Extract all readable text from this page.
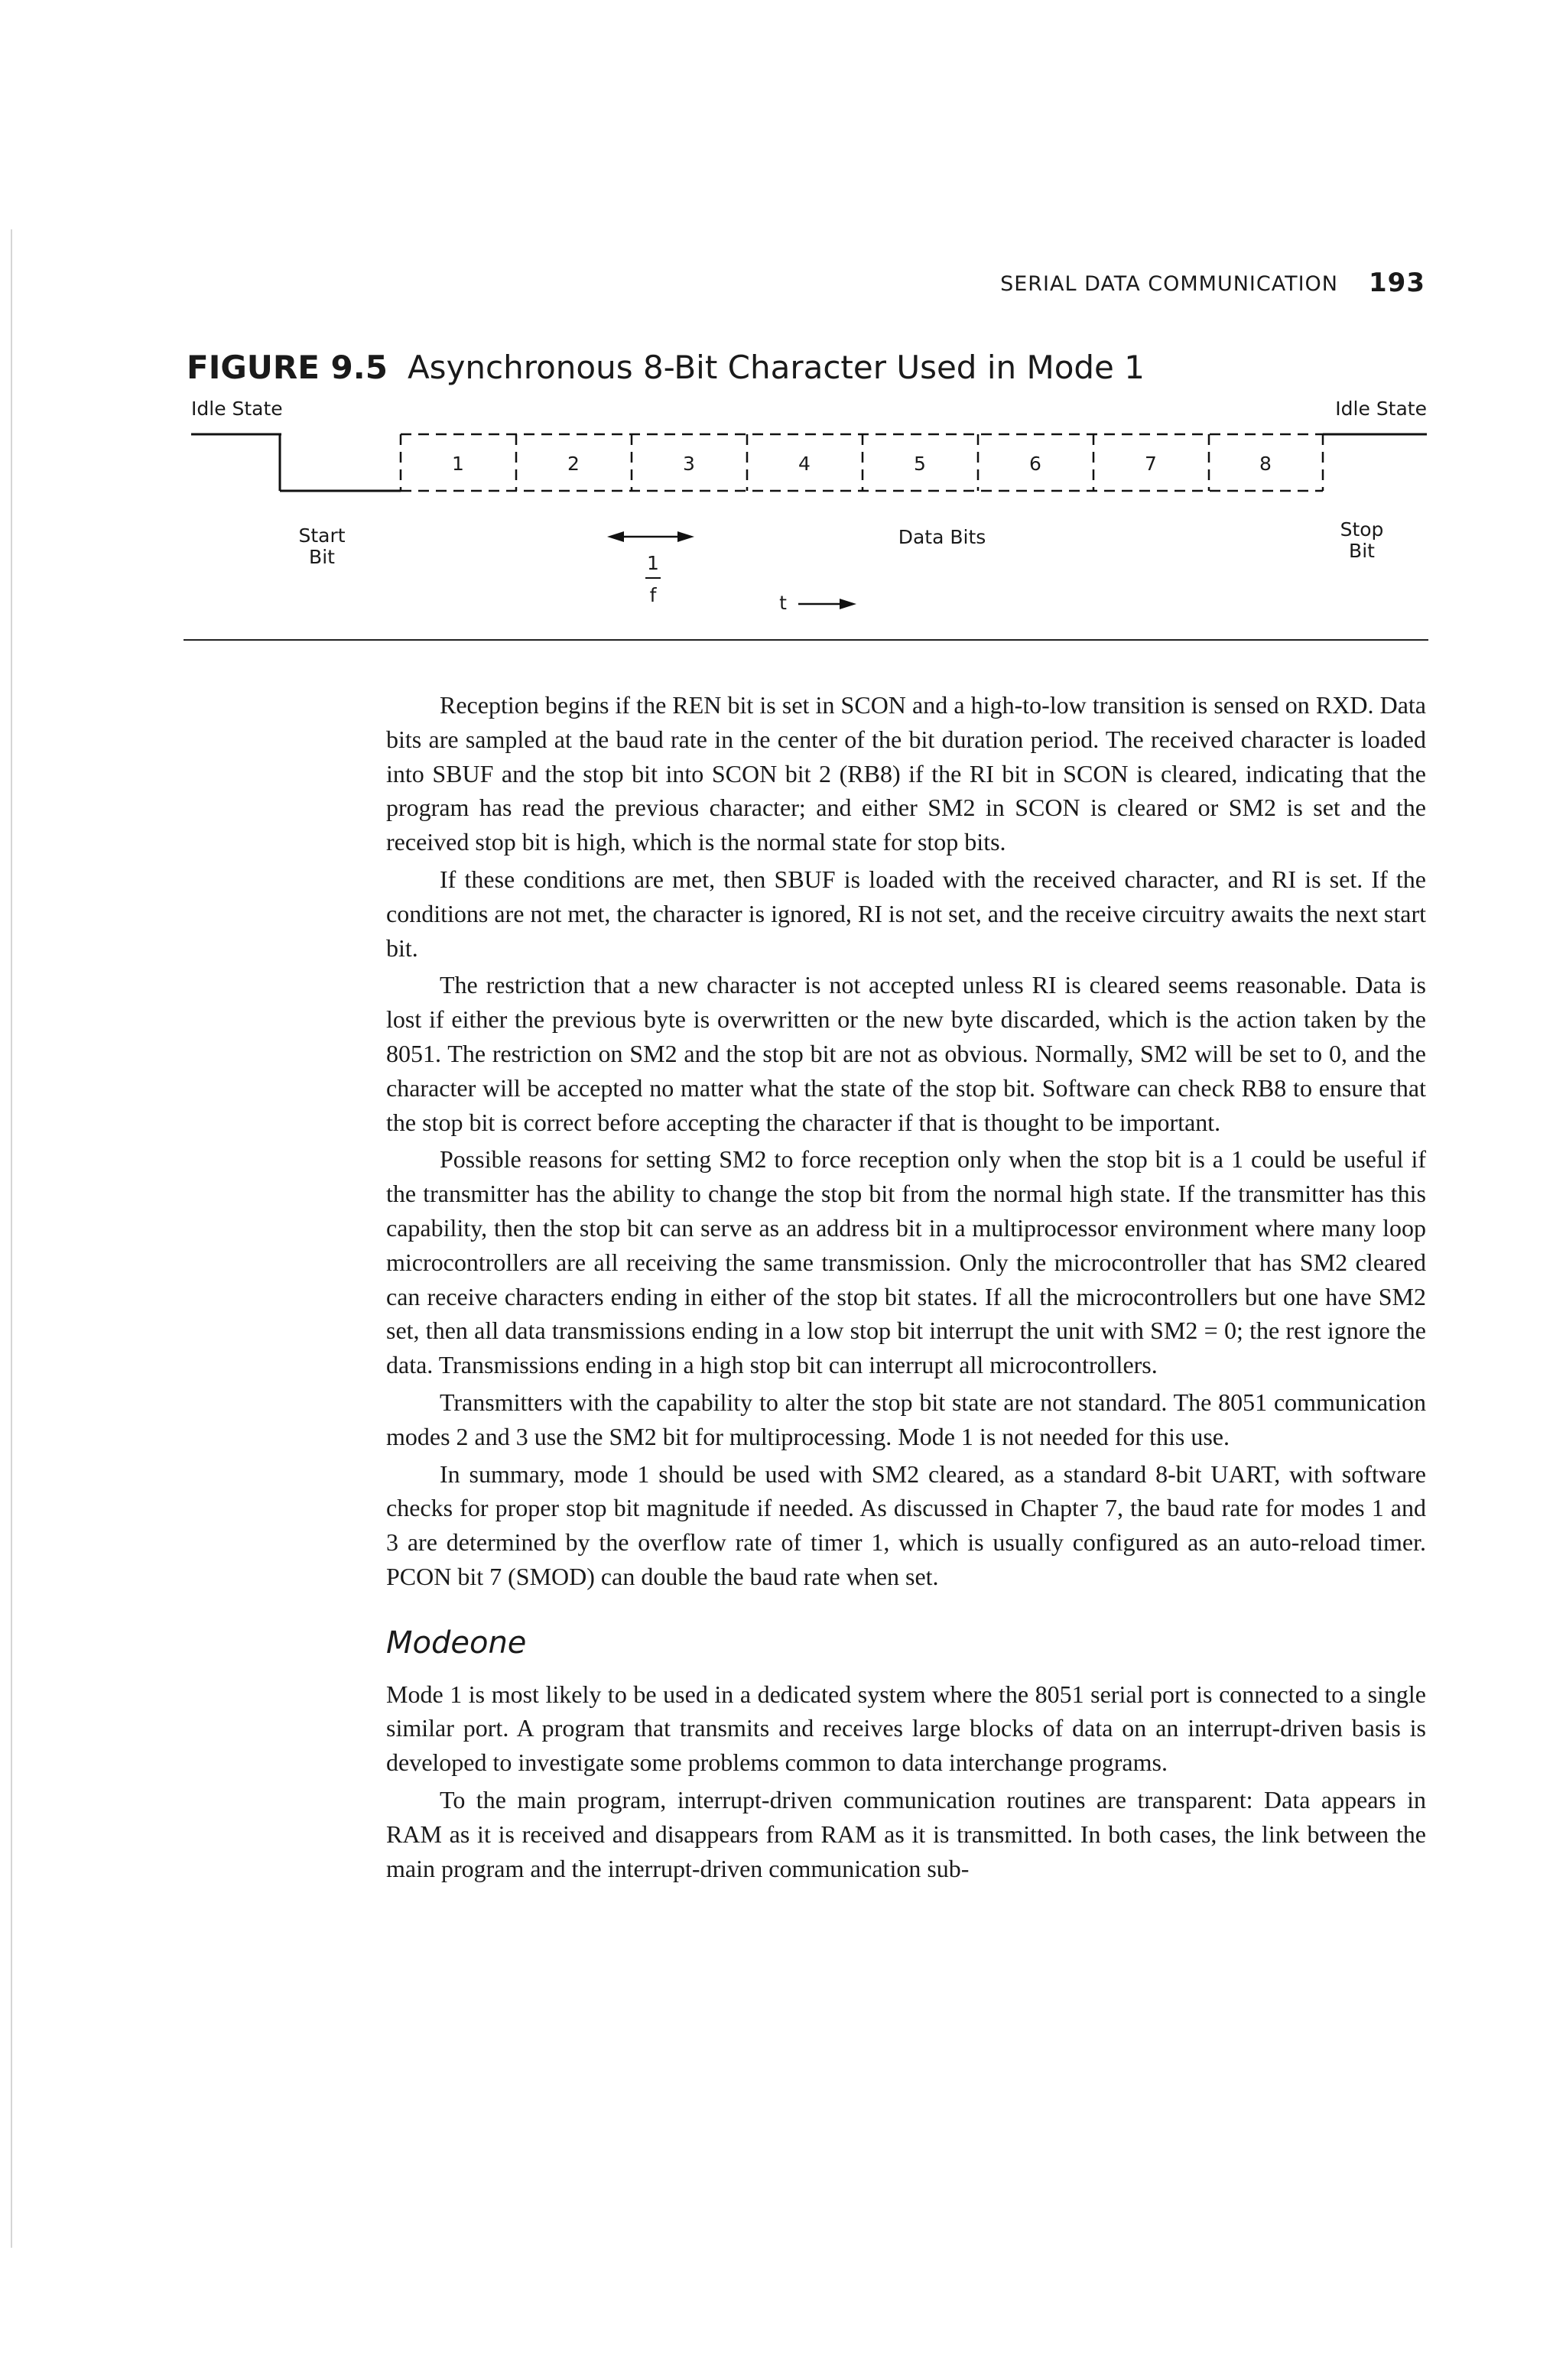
SERIAL DATA COMMUNICATION 193
FIGURE 9.5 Asynchronous 8-Bit Character Used in Mode 1
Idle State	Idle State
1	2	3	4	5	6	7	8
Start
Bit
Stop
Bit
Data Bits
1
f	t

Reception begins if the REN bit is set in SCON and a high-to-low transition is sensed on RXD. Data bits are sampled at the baud rate in the center of the bit duration period. The received character is loaded into SBUF and the stop bit into SCON bit 2 (RB8) if the RI bit in SCON is cleared, indicating that the program has read the previous character; and either SM2 in SCON is cleared or SM2 is set and the received stop bit is high, which is the normal state for stop bits.

If these conditions are met, then SBUF is loaded with the received character, and RI is set. If the conditions are not met, the character is ignored, RI is not set, and the receive circuitry awaits the next start bit.

The restriction that a new character is not accepted unless RI is cleared seems reasonable. Data is lost if either the previous byte is overwritten or the new byte discarded, which is the action taken by the 8051. The restriction on SM2 and the stop bit are not as obvious. Normally, SM2 will be set to 0, and the character will be accepted no matter what the state of the stop bit. Software can check RB8 to ensure that the stop bit is correct before accepting the character if that is thought to be important.

Possible reasons for setting SM2 to force reception only when the stop bit is a 1 could be useful if the transmitter has the ability to change the stop bit from the normal high state. If the transmitter has this capability, then the stop bit can serve as an address bit in a multiprocessor environment where many loop microcontrollers are all receiving the same transmission. Only the microcontroller that has SM2 cleared can receive characters ending in either of the stop bit states. If all the microcontrollers but one have SM2 set, then all data transmissions ending in a low stop bit interrupt the unit with SM2 = 0; the rest ignore the data. Transmissions ending in a high stop bit can interrupt all microcontrollers.

Transmitters with the capability to alter the stop bit state are not standard. The 8051 communication modes 2 and 3 use the SM2 bit for multiprocessing. Mode 1 is not needed for this use.

In summary, mode 1 should be used with SM2 cleared, as a standard 8-bit UART, with software checks for proper stop bit magnitude if needed. As discussed in Chapter 7, the baud rate for modes 1 and 3 are determined by the overflow rate of timer 1, which is usually configured as an auto-reload timer. PCON bit 7 (SMOD) can double the baud rate when set.

Modeone

Mode 1 is most likely to be used in a dedicated system where the 8051 serial port is connected to a single similar port. A program that transmits and receives large blocks of data on an interrupt-driven basis is developed to investigate some problems common to data interchange programs.

To the main program, interrupt-driven communication routines are transparent: Data appears in RAM as it is received and disappears from RAM as it is transmitted. In both cases, the link between the main program and the interrupt-driven communication sub-
